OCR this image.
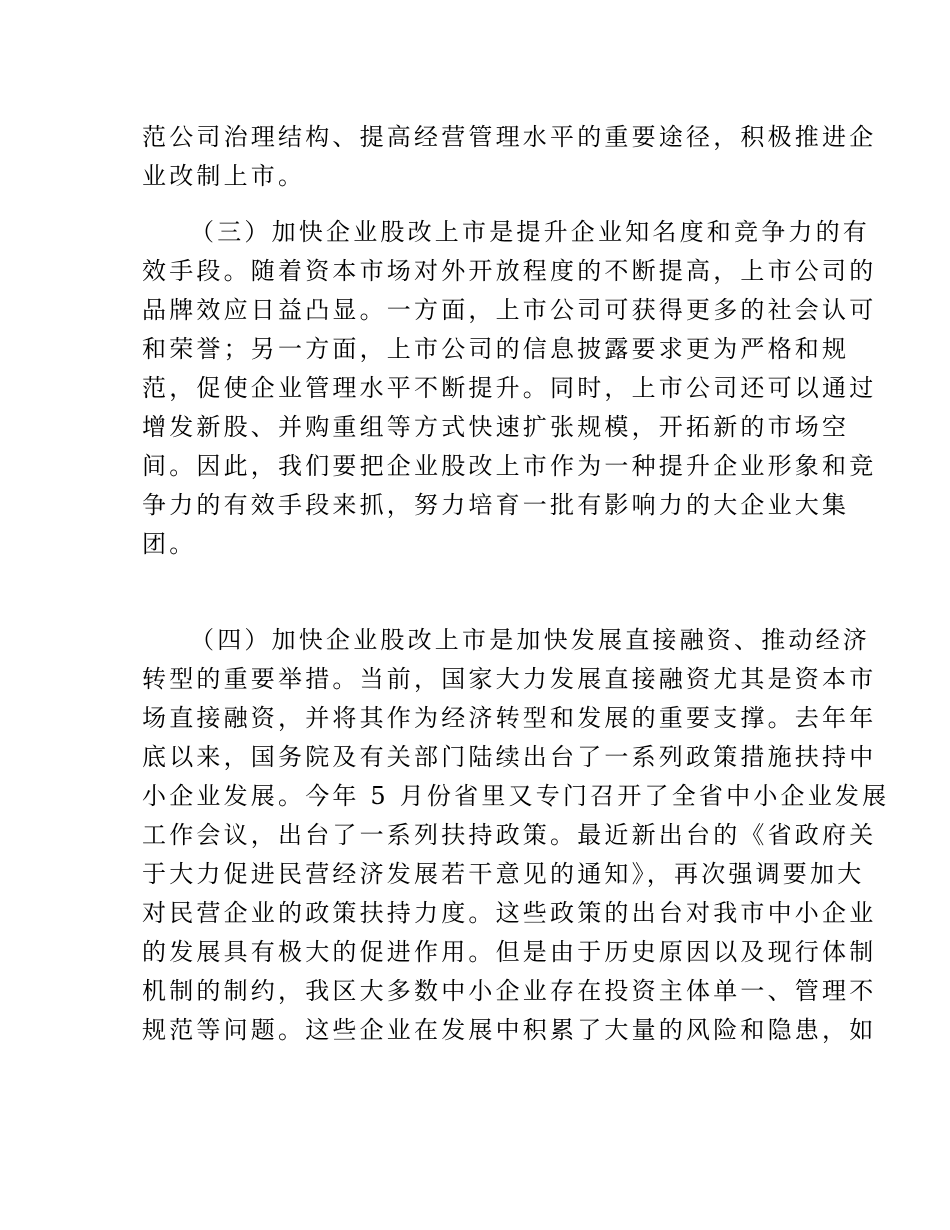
范公司治理结构、提高经营管理水平的重要途径，积极推进企
业改制上市。
（三）加快企业股改上市是提升企业知名度和竞争力的有
效手段。随着资本市场对外开放程度的不断提高，上市公司的
品牌效应日益凸显。一方面，上市公司可获得更多的社会认可
和荣誉；另一方面，上市公司的信息披露要求更为严格和规
范，促使企业管理水平不断提升。同时，上市公司还可以通过
增发新股、并购重组等方式快速扩张规模，开拓新的市场空
间。因此，我们要把企业股改上市作为一种提升企业形象和竞
争力的有效手段来抓，努力培育一批有影响力的大企业大集
团。
（四）加快企业股改上市是加快发展直接融资、推动经济
转型的重要举措。当前，国家大力发展直接融资尤其是资本市
场直接融资，并将其作为经济转型和发展的重要支撑。去年年
底以来，国务院及有关部门陆续出台了一系列政策措施扶持中
小企业发展。今年 5 月份省里又专门召开了全省中小企业发展
工作会议，出台了一系列扶持政策。最近新出台的《省政府关
于大力促进民营经济发展若干意见的通知》，再次强调要加大
对民营企业的政策扶持力度。这些政策的出台对我市中小企业
的发展具有极大的促进作用。但是由于历史原因以及现行体制
机制的制约，我区大多数中小企业存在投资主体单一、管理不
规范等问题。这些企业在发展中积累了大量的风险和隐患，如
